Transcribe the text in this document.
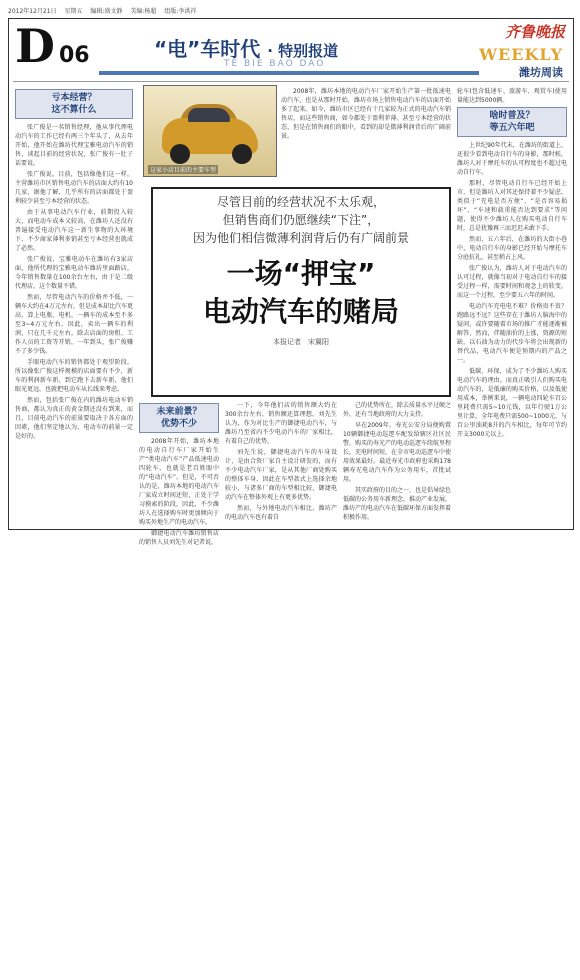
2012年12月21日 星期五 编辑:盛文静 美编:杨超 组版:李洪祥
D 06	“电”车时代 · 特别报道
TE BIE BAO DAO
齐鲁晚报
WEEKLY
潍坊周读
亏本经营？
这不算什么

张广俊是一名销售经理，他从事代理电动汽车的工作已经有两三个年头了，从去年开始，他开始在潍坊代理宝雅电动汽车的销售，谈起目前的经营状况，张广俊有一肚子话要说。

张广俊说，目前，包括像他们这一样，主营潍坊市区销售电动汽车的店面大约有10几家，据他了解，几乎所有的店面都处于盈利较少甚至亏本经营的状态。

由于从事电动汽车行业，前期投入较大，而电动车成本又较高，在潍坊人还没有普遍接受电动汽车这一新生事物的大环境下，不少商家薄利多销甚至亏本经营也就成了必然。

张广俊说，宝雅电动车在潍坊有3家店面，他所代理的宝雅电动车潍坊里面路店，今年销售数量在100余台左右，由于是二级代理店，这个数量不错。

然而，尽管电动汽车的价格并不低，一辆车大约在4万元左右，但是成本却比汽车更高，算上电瓶、电机，一辆车的成本至不多至3~4万元左右，因此，卖出一辆车的利润，只在几千元左右，除去店面的房租、工作人员的工资等开销，一年到头，张广俊赚不了多少钱。

手眼电动汽车的销售都处于观望阶段，所以像张广俊这样规模的店面要有不少，新车的利润新车新、到它跑下去新车新，他们眼光更远，也就把电动车从长线来考虑。

然而，包括张广俊在内的潍坊电动车销售商，都认为真正的黄金期还没有到来，而且，目前电动汽车的前景要取决于各方面的因素，他们坚定地认为，电动车的前景一定是好的。

这家小店目前的主要车型

2008年，潍坊本地的电动汽车厂家开始生产第一批低速电动汽车，也是从那时开始，潍坊市场上销售电动汽车的店面开始多了起来。如今，潍坊市区已经有十几家较为正式的电动汽车销售店，而这些销售商，如今都处于盈利菲薄、甚至亏本经营的状态，但是在销售商们的眼中，看到的却是微薄利润背后的广阔前景。

尽管目前的经营状况不太乐观，
但销售商们仍愿继续“下注”，
因为他们相信微薄利润背后仍有广阔前景
一场“押宝”
电动汽车的赌局
本报记者　宋翼阳

轮车(包含低速车、旅游车、观赏车)使用量能达到5000辆。

啥时普及？
等五六年吧

上世纪90年代末，在潍坊的街道上，还很少看到电动自行车的身影，那时候，潍坊人对于摩托车的认可程度也不超过电动自行车。

那时，尽管电动自行车已经开始上市，但是潍坊人对其还保持着不少疑虑，类似于“充电是否方便”、“是否容易损坏”、“车速和载重能否达到要求”等问题，使得不少潍坊人在购买电动自行车时，总是犹豫再三而迟迟未敢下手。

然而，五六年后，在潍坊的大街小巷中，电动自行车的身影已经开始与摩托车分庭抗礼，甚至稍占上风。

张广俊认为，潍坊人对于电动汽车的认可过程，就像当初对于电动自行车的接受过程一样，需要时间和观念上的转变，而这一个过程，至少要五六年的时间。

电动汽车充电电不难？价格贵不贵？跑路远不远？这些存在于潍坊人脑海中的疑问，或许要随着市场的推广才能逐渐被解答，然而，伴随油价的上涨，资源的短缺，以石油为动力的代步车将会出现新的替代品，电动汽车便是预期内的产品之一。

低碳、环保，成为了不少潍坊人购买电动汽车的理由，而真正吸引人们购买电动汽车的，是低廉的购买价格，以及低使用成本，举例来说，一辆电动四轮车百公里耗费只需5~10元钱，以年行驶1万公里计算，全年电费只需500~1000元，与百公里油耗8升的汽车相比，每年可节约开支3000元以上。

未来前景？
优势不少

2008年开始，潍坊本地的电动自行车厂家开始生产“类电动汽车”产品低速电动四轮车，也就是老百姓眼中的“电动汽车”。但是，不可否认的是，潍坊本地的电动汽车厂家成立时间还短，正处于学习摸索的阶段，因此，不少潍坊人在选择购车时更加倾向于购买外地生产的电动汽车。

御捷电动汽车潍坊销售店的销售人员刘先生对记者说，

一下，今年他们店的销售额大约在300余台左右，销售额还算理想。刘先生认为，作为对比生产的御捷电动汽车，与潍坊乃至省内不少电动汽车的厂家相比，有着自己的优势。

刘先生说，御捷电动汽车的车身设计，是由合资厂家自主设计研发的，而有不少电动汽车厂家，是从其他厂商处购买的整体车身，因此在车型款式上选择余地较小，与诸多厂商的车型相比较，御捷电动汽车在整体外观上有更多优势。

然而，与外地电动汽车相比，潍坊产的电动汽车也有着自

己的优势所在，除去质量水平过硬之外，还有当地政府的大力支持。

早在2009年，寿光公安分局便购置10辆御捷电动巡逻车配发给辖区社区民警，购买的寿光产的电动巡逻车续航里程长，充电时间短，在全市电动巡逻车中使用效果最好。最近寿光市政府也采购178辆寿光电动汽车作为公务用车，首批试用。

其实政府的目的之一，也是倡导绿色低碳的公务用车新理念，推动产业发展，潍坊产的电动汽车在低碳环保方面发挥着积极作用。
